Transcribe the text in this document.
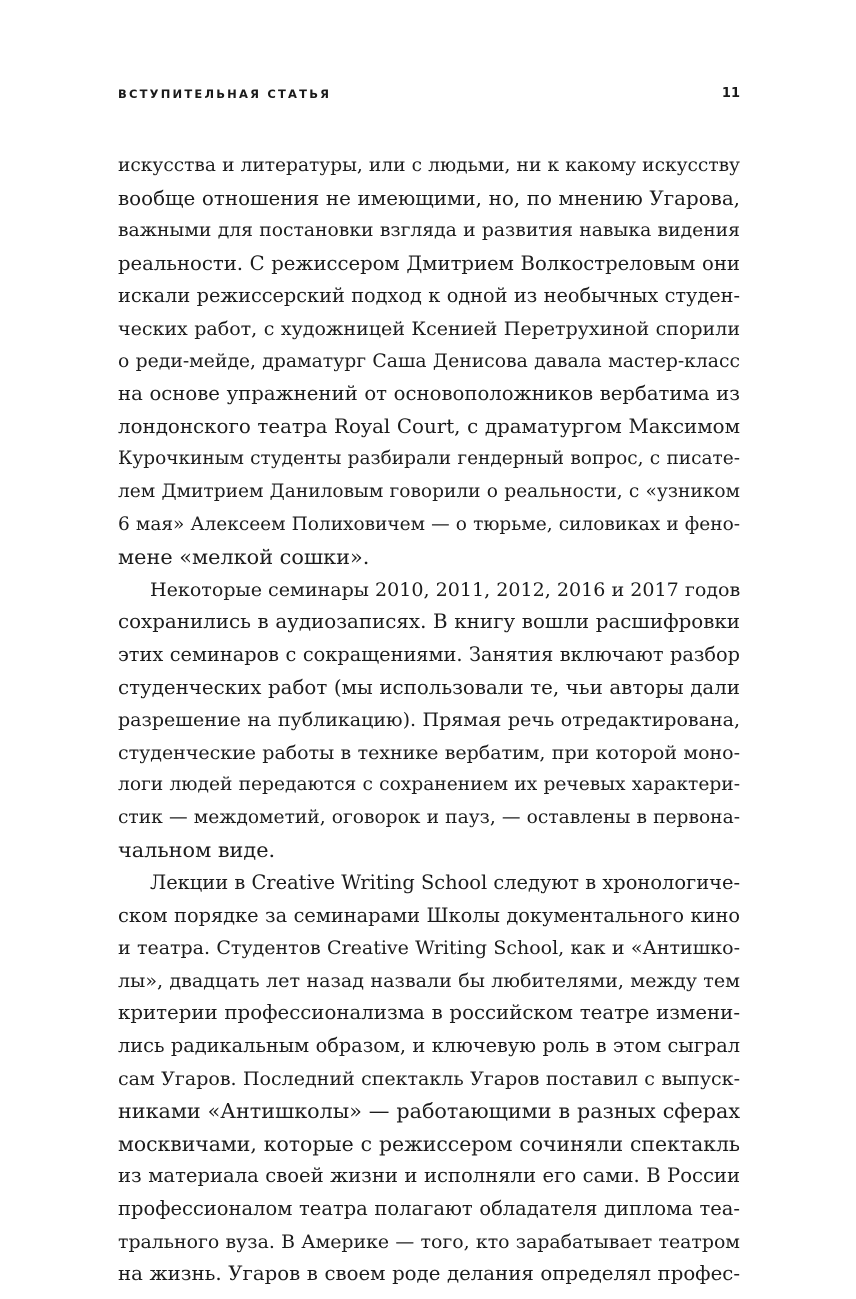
ВСТУПИТЕЛЬНАЯ СТАТЬЯ	11
искусства и литературы, или с людьми, ни к какому искусству
вообще отношения не имеющими, но, по мнению Угарова,
важными для постановки взгляда и развития навыка видения
реальности. С режиссером Дмитрием Волкостреловым они
искали режиссерский подход к одной из необычных студен-
ческих работ, с художницей Ксенией Перетрухиной спорили
о реди-мейде, драматург Саша Денисова давала мастер-класс
на основе упражнений от основоположников вербатима из
лондонского театра Royal Court, с драматургом Максимом
Курочкиным студенты разбирали гендерный вопрос, с писате-
лем Дмитрием Даниловым говорили о реальности, с «узником
6 мая» Алексеем Полиховичем — о тюрьме, силовиках и фено-
мене «мелкой сошки».
Некоторые семинары 2010, 2011, 2012, 2016 и 2017 годов
сохранились в аудиозаписях. В книгу вошли расшифровки
этих семинаров с сокращениями. Занятия включают разбор
студенческих работ (мы использовали те, чьи авторы дали
разрешение на публикацию). Прямая речь отредактирована,
студенческие работы в технике вербатим, при которой моно-
логи людей передаются с сохранением их речевых характери-
стик — междометий, оговорок и пауз, — оставлены в первона-
чальном виде.
Лекции в Creative Writing School следуют в хронологиче-
ском порядке за семинарами Школы документального кино
и театра. Студентов Creative Writing School, как и «Антишко-
лы», двадцать лет назад назвали бы любителями, между тем
критерии профессионализма в российском театре измени-
лись радикальным образом, и ключевую роль в этом сыграл
сам Угаров. Последний спектакль Угаров поставил с выпуск-
никами «Антишколы» — работающими в разных сферах
москвичами, которые с режиссером сочиняли спектакль
из материала своей жизни и исполняли его сами. В России
профессионалом театра полагают обладателя диплома теа-
трального вуза. В Америке — того, кто зарабатывает театром
на жизнь. Угаров в своем роде делания определял профес-
